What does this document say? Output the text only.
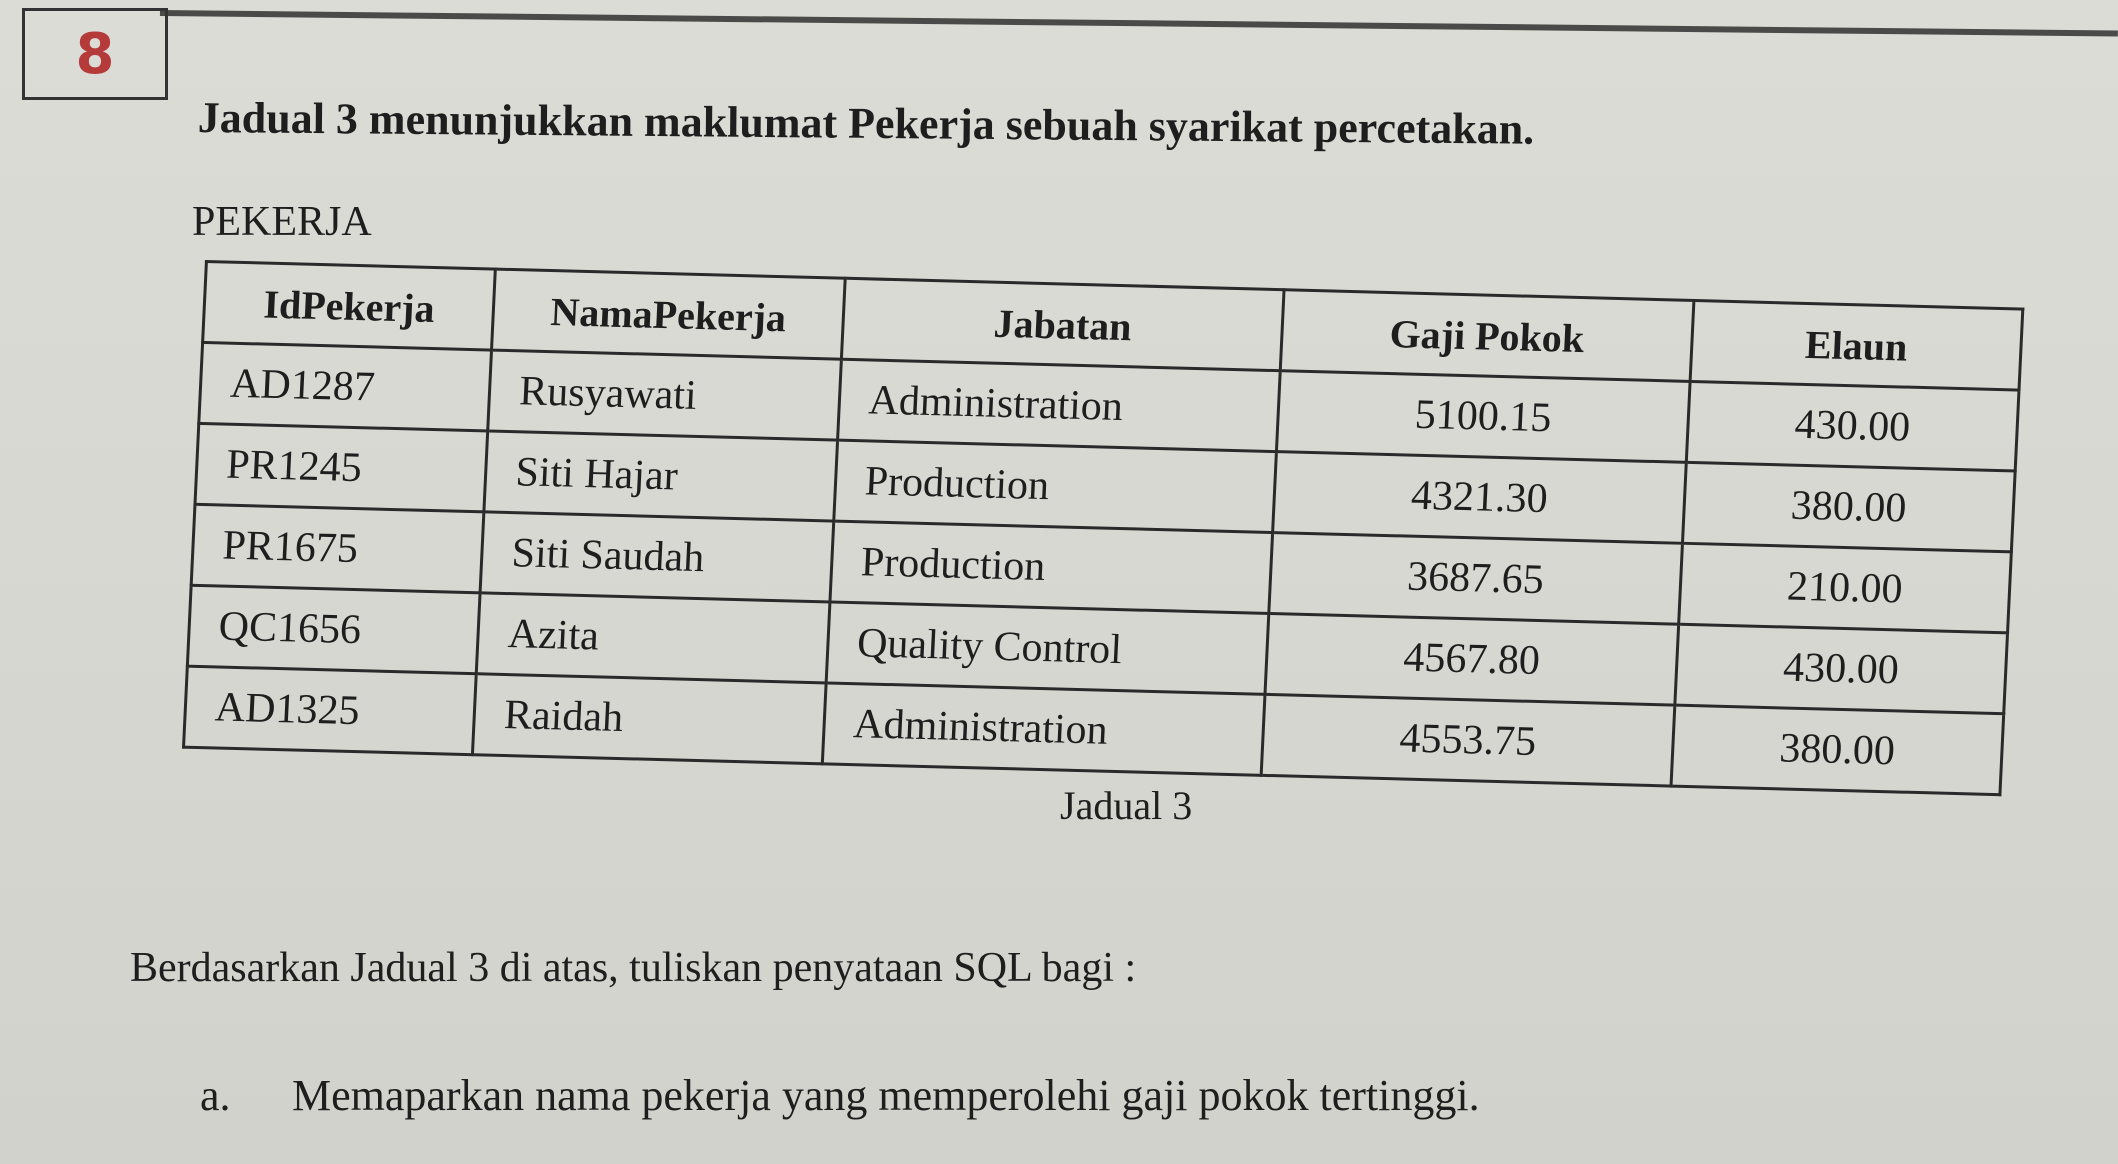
8
Jadual 3 menunjukkan maklumat Pekerja sebuah syarikat percetakan.
PEKERJA
IdPekerja	NamaPekerja	Jabatan	Gaji Pokok	Elaun
AD1287	Rusyawati	Administration	5100.15	430.00
PR1245	Siti Hajar	Production	4321.30	380.00
PR1675	Siti Saudah	Production	3687.65	210.00
QC1656	Azita	Quality Control	4567.80	430.00
AD1325	Raidah	Administration	4553.75	380.00
Jadual 3
Berdasarkan Jadual 3 di atas, tuliskan penyataan SQL bagi :
a. Memaparkan nama pekerja yang memperolehi gaji pokok tertinggi.
